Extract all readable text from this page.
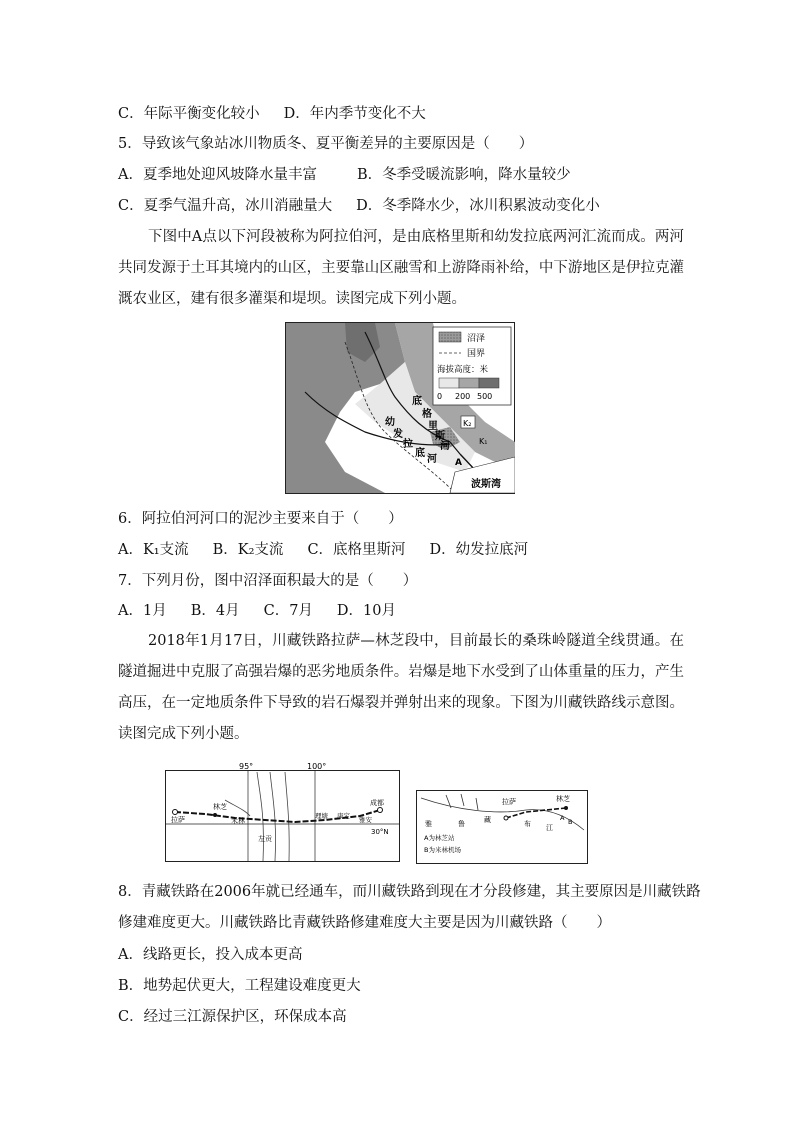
C．年际平衡变化较小 D．年内季节变化不大
5．导致该气象站冰川物质冬、夏平衡差异的主要原因是（　　）
A．夏季地处迎风坡降水量丰富	B．冬季受暖流影响，降水量较少
C．夏季气温升高，冰川消融量大 D．冬季降水少，冰川积累波动变化小
下图中A点以下河段被称为阿拉伯河，是由底格里斯和幼发拉底两河汇流而成。两河共同发源于土耳其境内的山区，主要靠山区融雪和上游降雨补给，中下游地区是伊拉克灌溉农业区，建有很多灌渠和堤坝。读图完成下列小题。
沼泽
国界
海拔高度：米
0 200 500
底
格
里
斯
河
幼
发
拉
底
河 A
K₂
K₁
波斯湾
6．阿拉伯河河口的泥沙主要来自于（　　）
A．K₁支流 B．K₂支流 C．底格里斯河 D．幼发拉底河
7．下列月份，图中沼泽面积最大的是（　　）
A．1月 B．4月 C．7月 D．10月
2018年1月17日，川藏铁路拉萨—林芝段中，目前最长的桑珠岭隧道全线贯通。在隧道掘进中克服了高强岩爆的恶劣地质条件。岩爆是地下水受到了山体重量的压力，产生高压，在一定地质条件下导致的岩石爆裂并弹射出来的现象。下图为川藏铁路线示意图。读图完成下列小题。
95°	100°
拉萨
林芝
米林
左贡
理塘 康定 雅安
成都
30°N
拉萨	林芝
雅	鲁	藏	布 江
A B
A为林芝站
B为米林机场
8．青藏铁路在2006年就已经通车，而川藏铁路到现在才分段修建，其主要原因是川藏铁路
修建难度更大。川藏铁路比青藏铁路修建难度大主要是因为川藏铁路（　　）
A．线路更长，投入成本更高
B．地势起伏更大，工程建设难度更大
C．经过三江源保护区，环保成本高
